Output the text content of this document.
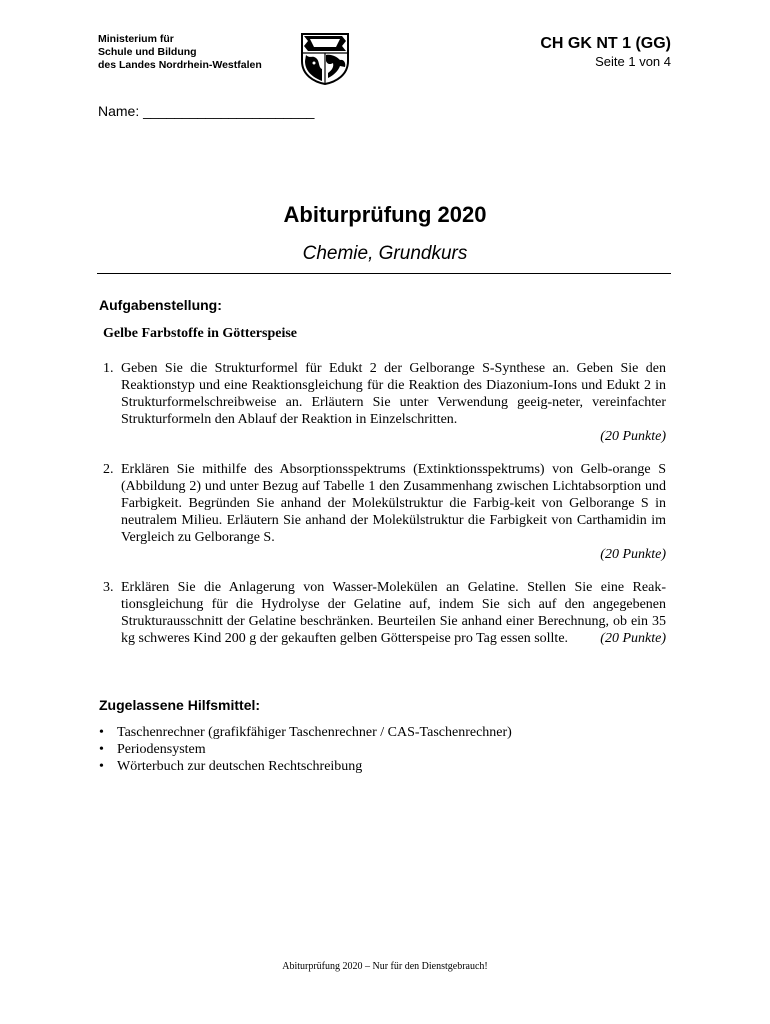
Ministerium für
Schule und Bildung
des Landes Nordrhein-Westfalen
CH GK NT 1 (GG)
Seite 1 von 4
Name: ______________________
Abiturprüfung 2020
Chemie, Grundkurs
Aufgabenstellung:
Gelbe Farbstoffe in Götterspeise
1. Geben Sie die Strukturformel für Edukt 2 der Gelborange S-Synthese an. Geben Sie den Reaktionstyp und eine Reaktionsgleichung für die Reaktion des Diazonium-Ions und Edukt 2 in Strukturformelschreibweise an. Erläutern Sie unter Verwendung geeig-neter, vereinfachter Strukturformeln den Ablauf der Reaktion in Einzelschritten.
(20 Punkte)
2. Erklären Sie mithilfe des Absorptionsspektrums (Extinktionsspektrums) von Gelb-orange S (Abbildung 2) und unter Bezug auf Tabelle 1 den Zusammenhang zwischen Lichtabsorption und Farbigkeit. Begründen Sie anhand der Molekülstruktur die Farbig-keit von Gelborange S in neutralem Milieu. Erläutern Sie anhand der Molekülstruktur die Farbigkeit von Carthamidin im Vergleich zu Gelborange S.
(20 Punkte)
3. Erklären Sie die Anlagerung von Wasser-Molekülen an Gelatine. Stellen Sie eine Reak-tionsgleichung für die Hydrolyse der Gelatine auf, indem Sie sich auf den angegebenen Strukturausschnitt der Gelatine beschränken. Beurteilen Sie anhand einer Berechnung, ob ein 35 kg schweres Kind 200 g der gekauften gelben Götterspeise pro Tag essen sollte.	(20 Punkte)
Zugelassene Hilfsmittel:
• Taschenrechner (grafikfähiger Taschenrechner / CAS-Taschenrechner)
• Periodensystem
• Wörterbuch zur deutschen Rechtschreibung
Abiturprüfung 2020 – Nur für den Dienstgebrauch!
